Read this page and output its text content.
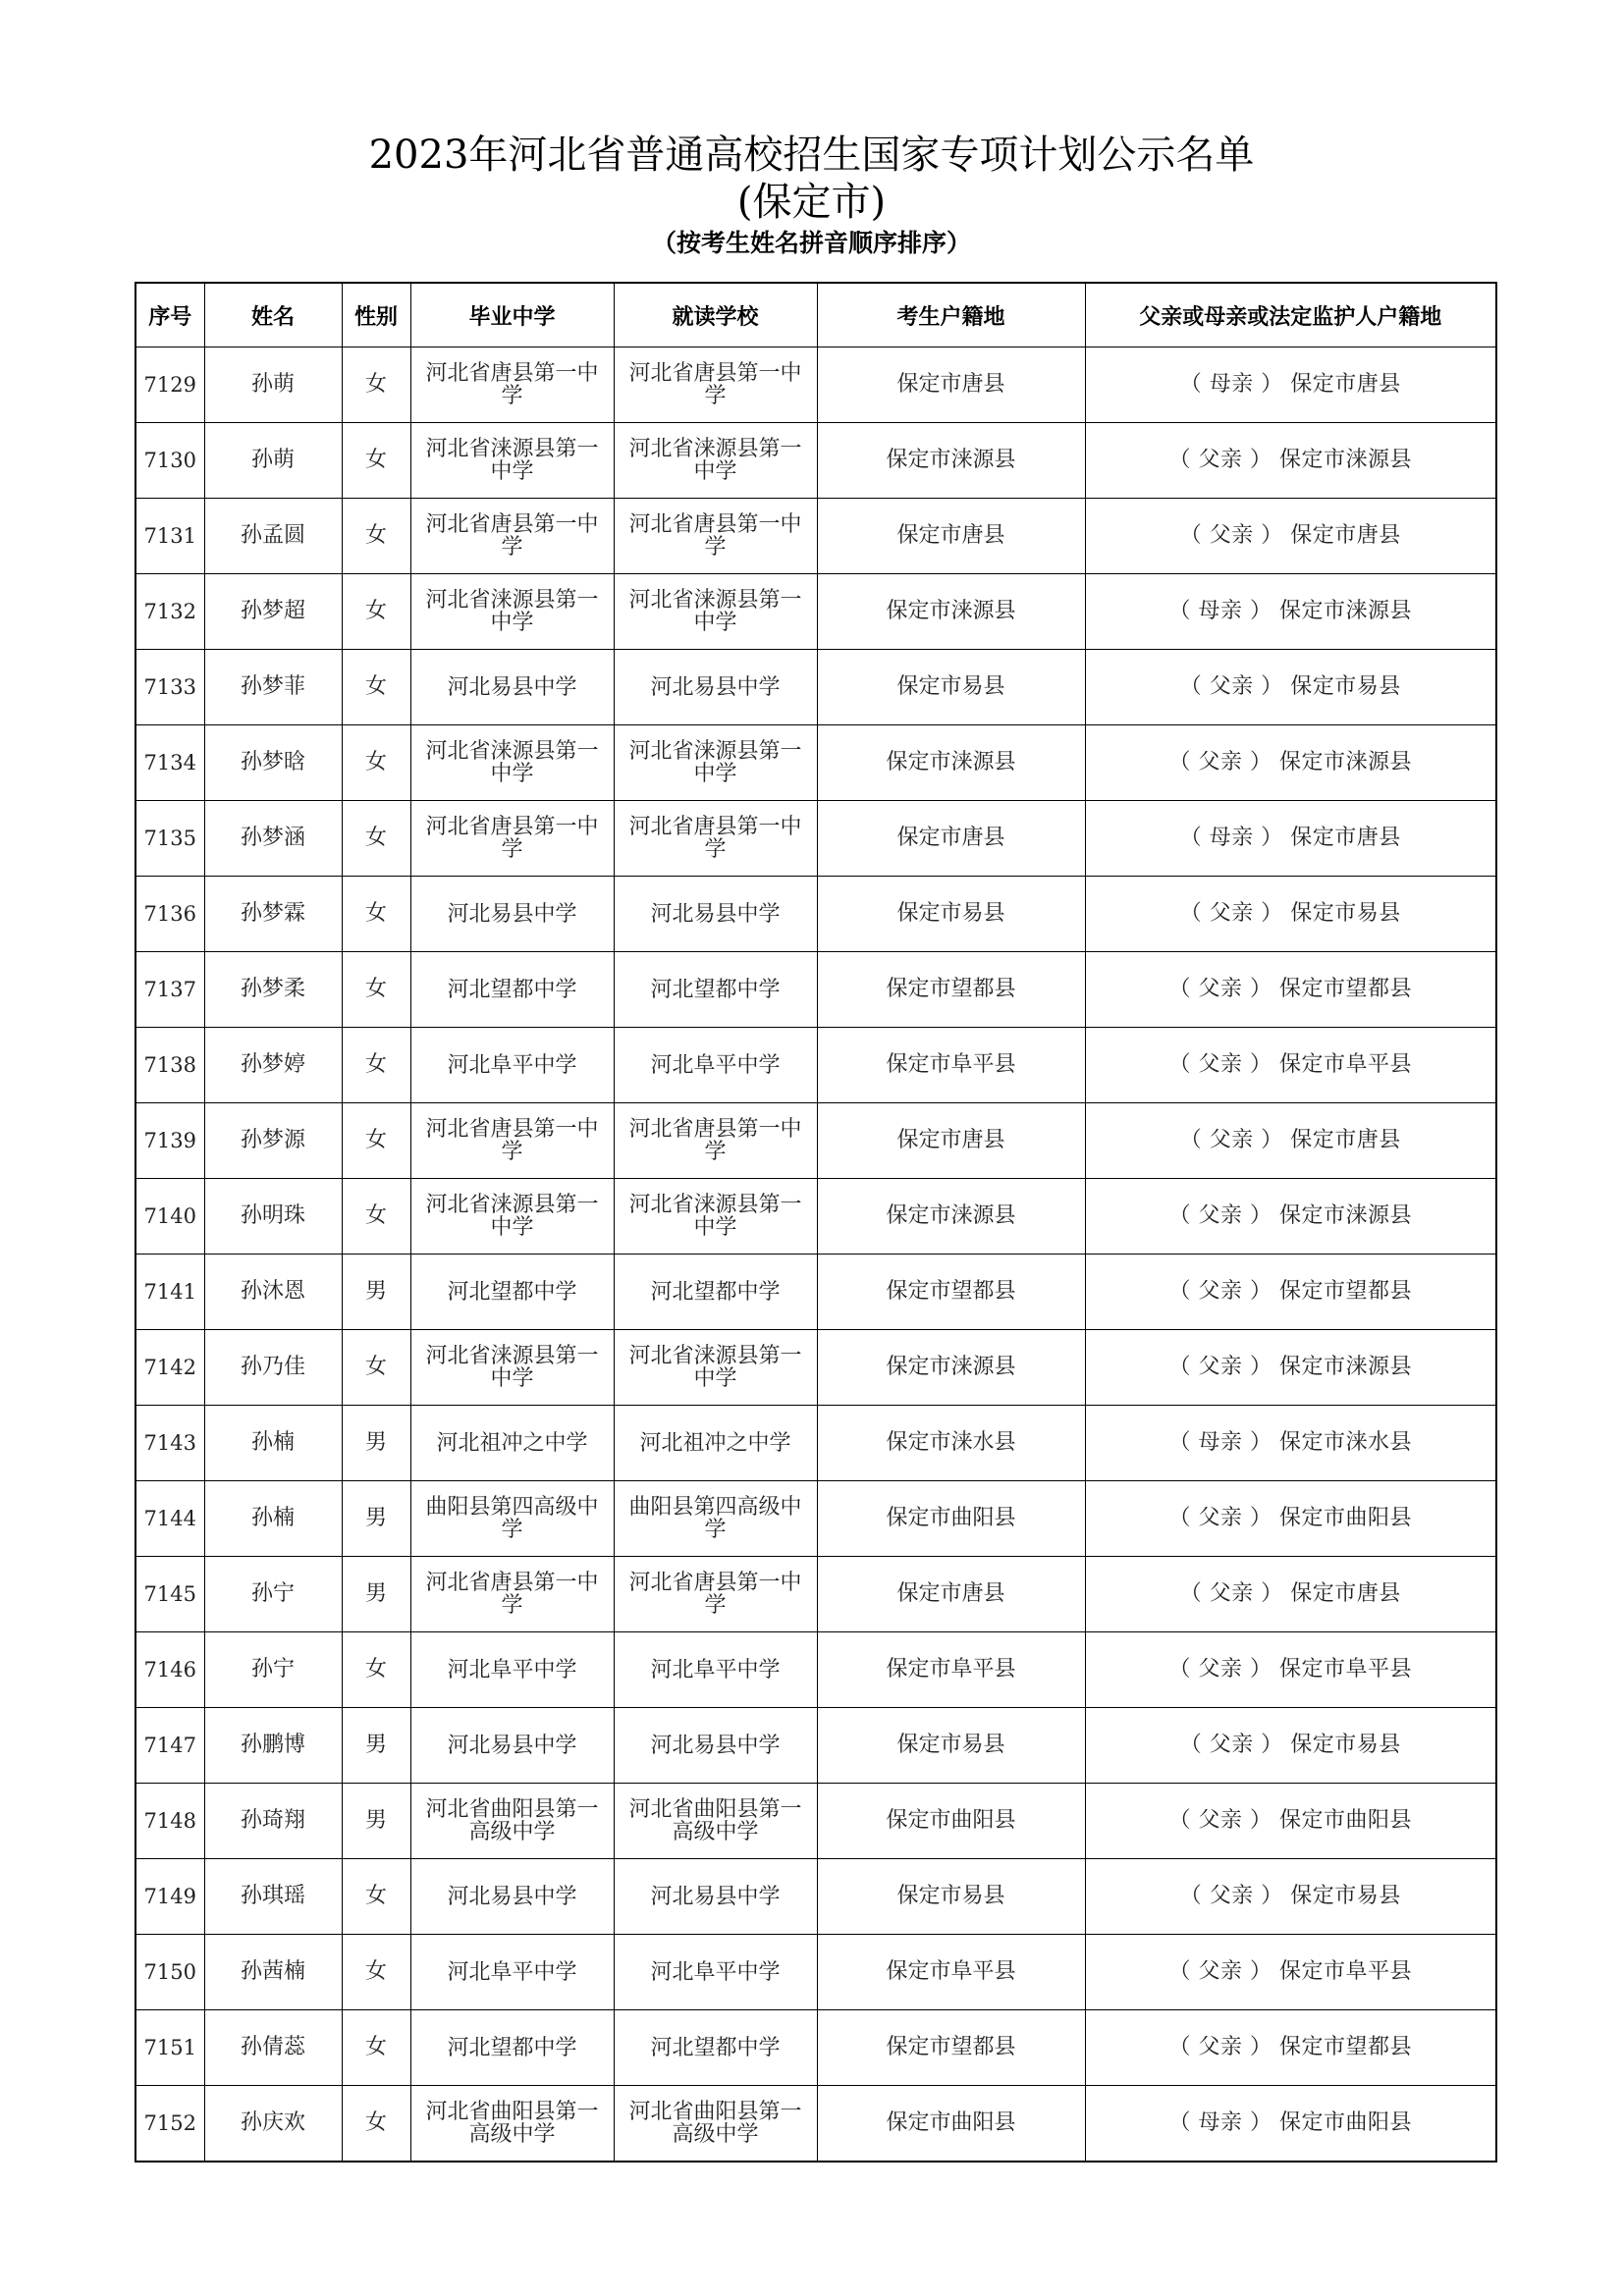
2023年河北省普通高校招生国家专项计划公示名单
(保定市)
（按考生姓名拼音顺序排序）
序号	姓名	性别	毕业中学	就读学校	考生户籍地	父亲或母亲或法定监护人户籍地
7129	孙萌	女	河北省唐县第一中学	河北省唐县第一中学	保定市唐县	（ 母亲 ） 保定市唐县
7130	孙萌	女	河北省涞源县第一中学	河北省涞源县第一中学	保定市涞源县	（ 父亲 ） 保定市涞源县
7131	孙孟圆	女	河北省唐县第一中学	河北省唐县第一中学	保定市唐县	（ 父亲 ） 保定市唐县
7132	孙梦超	女	河北省涞源县第一中学	河北省涞源县第一中学	保定市涞源县	（ 母亲 ） 保定市涞源县
7133	孙梦菲	女	河北易县中学	河北易县中学	保定市易县	（ 父亲 ） 保定市易县
7134	孙梦晗	女	河北省涞源县第一中学	河北省涞源县第一中学	保定市涞源县	（ 父亲 ） 保定市涞源县
7135	孙梦涵	女	河北省唐县第一中学	河北省唐县第一中学	保定市唐县	（ 母亲 ） 保定市唐县
7136	孙梦霖	女	河北易县中学	河北易县中学	保定市易县	（ 父亲 ） 保定市易县
7137	孙梦柔	女	河北望都中学	河北望都中学	保定市望都县	（ 父亲 ） 保定市望都县
7138	孙梦婷	女	河北阜平中学	河北阜平中学	保定市阜平县	（ 父亲 ） 保定市阜平县
7139	孙梦源	女	河北省唐县第一中学	河北省唐县第一中学	保定市唐县	（ 父亲 ） 保定市唐县
7140	孙明珠	女	河北省涞源县第一中学	河北省涞源县第一中学	保定市涞源县	（ 父亲 ） 保定市涞源县
7141	孙沐恩	男	河北望都中学	河北望都中学	保定市望都县	（ 父亲 ） 保定市望都县
7142	孙乃佳	女	河北省涞源县第一中学	河北省涞源县第一中学	保定市涞源县	（ 父亲 ） 保定市涞源县
7143	孙楠	男	河北祖冲之中学	河北祖冲之中学	保定市涞水县	（ 母亲 ） 保定市涞水县
7144	孙楠	男	曲阳县第四高级中学	曲阳县第四高级中学	保定市曲阳县	（ 父亲 ） 保定市曲阳县
7145	孙宁	男	河北省唐县第一中学	河北省唐县第一中学	保定市唐县	（ 父亲 ） 保定市唐县
7146	孙宁	女	河北阜平中学	河北阜平中学	保定市阜平县	（ 父亲 ） 保定市阜平县
7147	孙鹏博	男	河北易县中学	河北易县中学	保定市易县	（ 父亲 ） 保定市易县
7148	孙琦翔	男	河北省曲阳县第一高级中学	河北省曲阳县第一高级中学	保定市曲阳县	（ 父亲 ） 保定市曲阳县
7149	孙琪瑶	女	河北易县中学	河北易县中学	保定市易县	（ 父亲 ） 保定市易县
7150	孙茜楠	女	河北阜平中学	河北阜平中学	保定市阜平县	（ 父亲 ） 保定市阜平县
7151	孙倩蕊	女	河北望都中学	河北望都中学	保定市望都县	（ 父亲 ） 保定市望都县
7152	孙庆欢	女	河北省曲阳县第一高级中学	河北省曲阳县第一高级中学	保定市曲阳县	（ 母亲 ） 保定市曲阳县
